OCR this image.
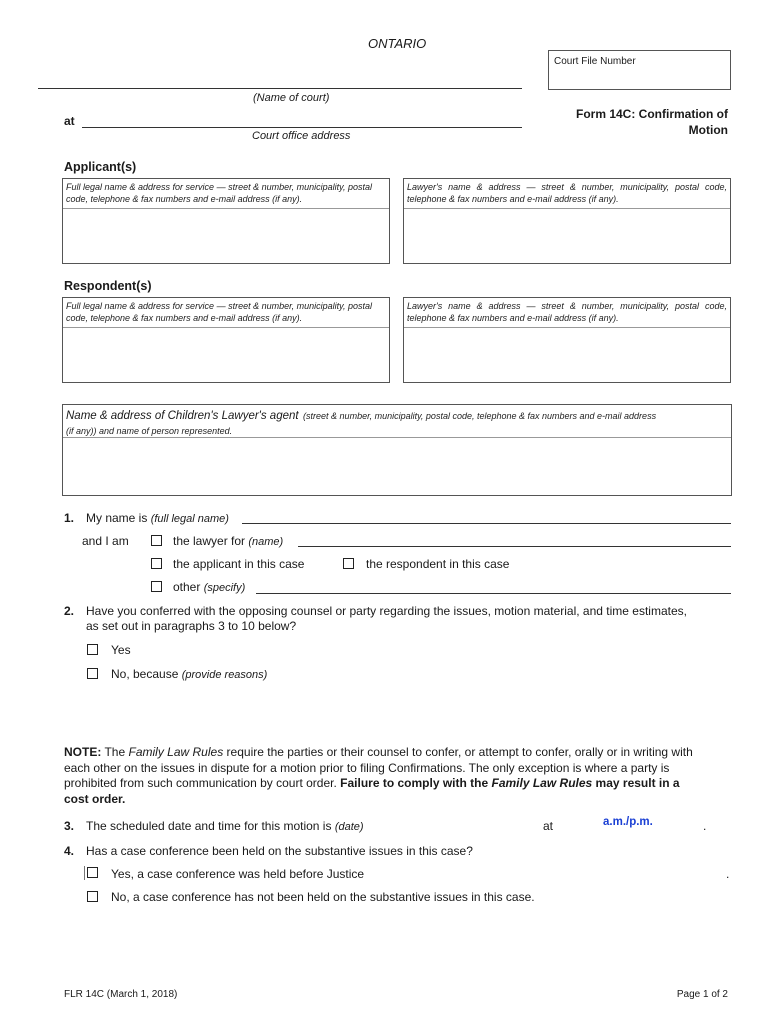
ONTARIO
Court File Number
(Name of court)
at
Court office address
Form 14C: Confirmation of
Motion
Applicant(s)
Full legal name & address for service — street & number, municipality, postal code, telephone & fax numbers and e-mail address (if any).
Lawyer's name & address — street & number, municipality, postal code, telephone & fax numbers and e-mail address (if any).
Respondent(s)
Full legal name & address for service — street & number, municipality, postal code, telephone & fax numbers and e-mail address (if any).
Lawyer's name & address — street & number, municipality, postal code, telephone & fax numbers and e-mail address (if any).
Name & address of Children's Lawyer's agent (street & number, municipality, postal code, telephone & fax numbers and e-mail address
(if any)) and name of person represented.
1. My name is (full legal name)
and I am	the lawyer for (name)
the applicant in this case	the respondent in this case
other (specify)
2. Have you conferred with the opposing counsel or party regarding the issues, motion material, and time estimates,
as set out in paragraphs 3 to 10 below?
Yes
No, because (provide reasons)
NOTE: The Family Law Rules require the parties or their counsel to confer, or attempt to confer, orally or in writing with
each other on the issues in dispute for a motion prior to filing Confirmations. The only exception is where a party is
prohibited from such communication by court order. Failure to comply with the Family Law Rules may result in a
cost order.
3. The scheduled date and time for this motion is (date)	at	a.m./p.m.	.
4. Has a case conference been held on the substantive issues in this case?
Yes, a case conference was held before Justice	.
No, a case conference has not been held on the substantive issues in this case.
FLR 14C (March 1, 2018)	Page 1 of 2
